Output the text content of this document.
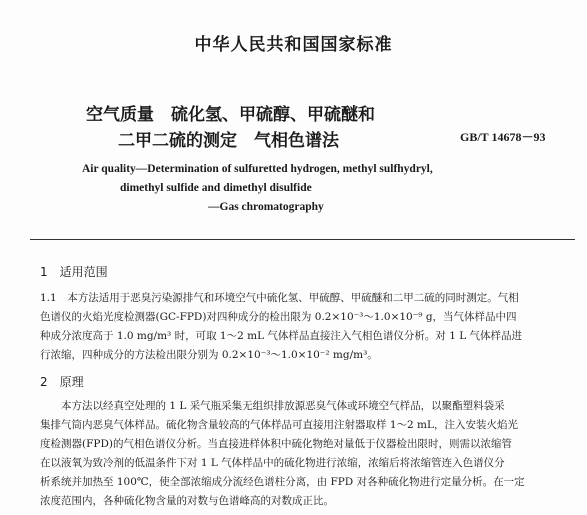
中华人民共和国国家标准
空气质量　硫化氢、甲硫醇、甲硫醚和
二甲二硫的测定　气相色谱法	GB/T 14678－93
Air quality—Determination of sulfuretted hydrogen, methyl sulfhydryl,
dimethyl sulfide and dimethyl disulfide
—Gas chromatography
1　适用范围
1.1　本方法适用于恶臭污染源排气和环境空气中硫化氢、甲硫醇、甲硫醚和二甲二硫的同时测定。气相
色谱仪的火焰光度检测器(GC-FPD)对四种成分的检出限为 0.2×10⁻³～1.0×10⁻⁹ g，当气体样品中四
种成分浓度高于 1.0 mg/m³ 时，可取 1～2 mL 气体样品直接注入气相色谱仪分析。对 1 L 气体样品进
行浓缩，四种成分的方法检出限分别为 0.2×10⁻³～1.0×10⁻² mg/m³。
2　原理
　　本方法以经真空处理的 1 L 采气瓶采集无组织排放源恶臭气体或环境空气样品，以聚酯塑料袋采
集排气筒内恶臭气体样品。硫化物含量较高的气体样品可直接用注射器取样 1～2 mL，注入安装火焰光
度检测器(FPD)的气相色谱仪分析。当直接进样体积中硫化物绝对量低于仪器检出限时，则需以浓缩管
在以液氧为致冷剂的低温条件下对 1 L 气体样品中的硫化物进行浓缩，浓缩后将浓缩管连入色谱仪分
析系统并加热至 100℃，使全部浓缩成分流经色谱柱分离，由 FPD 对各种硫化物进行定量分析。在一定
浓度范围内，各种硫化物含量的对数与色谱峰高的对数成正比。
